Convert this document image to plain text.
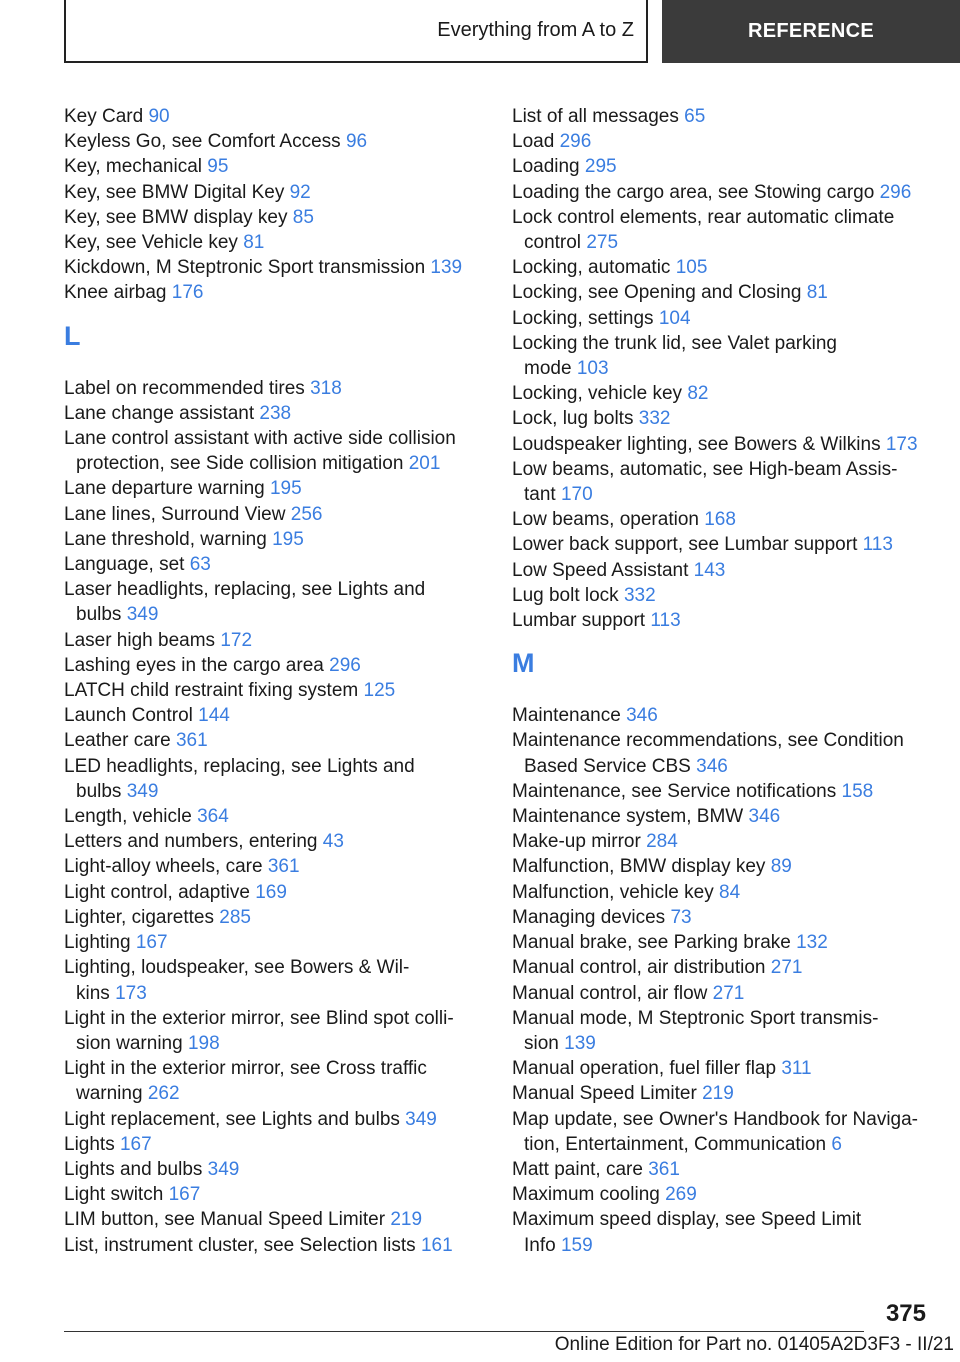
Everything from A to Z	REFERENCE
Key Card 90
Keyless Go, see Comfort Access 96
Key, mechanical 95
Key, see BMW Digital Key 92
Key, see BMW display key 85
Key, see Vehicle key 81
Kickdown, M Steptronic Sport transmission 139
Knee airbag 176
L
Label on recommended tires 318
Lane change assistant 238
Lane control assistant with active side collision
protection, see Side collision mitigation 201
Lane departure warning 195
Lane lines, Surround View 256
Lane threshold, warning 195
Language, set 63
Laser headlights, replacing, see Lights and
bulbs 349
Laser high beams 172
Lashing eyes in the cargo area 296
LATCH child restraint fixing system 125
Launch Control 144
Leather care 361
LED headlights, replacing, see Lights and
bulbs 349
Length, vehicle 364
Letters and numbers, entering 43
Light-alloy wheels, care 361
Light control, adaptive 169
Lighter, cigarettes 285
Lighting 167
Lighting, loudspeaker, see Bowers & Wil-
kins 173
Light in the exterior mirror, see Blind spot colli-
sion warning 198
Light in the exterior mirror, see Cross traffic
warning 262
Light replacement, see Lights and bulbs 349
Lights 167
Lights and bulbs 349
Light switch 167
LIM button, see Manual Speed Limiter 219
List, instrument cluster, see Selection lists 161
List of all messages 65
Load 296
Loading 295
Loading the cargo area, see Stowing cargo 296
Lock control elements, rear automatic climate
control 275
Locking, automatic 105
Locking, see Opening and Closing 81
Locking, settings 104
Locking the trunk lid, see Valet parking
mode 103
Locking, vehicle key 82
Lock, lug bolts 332
Loudspeaker lighting, see Bowers & Wilkins 173
Low beams, automatic, see High-beam Assis-
tant 170
Low beams, operation 168
Lower back support, see Lumbar support 113
Low Speed Assistant 143
Lug bolt lock 332
Lumbar support 113
M
Maintenance 346
Maintenance recommendations, see Condition
Based Service CBS 346
Maintenance, see Service notifications 158
Maintenance system, BMW 346
Make-up mirror 284
Malfunction, BMW display key 89
Malfunction, vehicle key 84
Managing devices 73
Manual brake, see Parking brake 132
Manual control, air distribution 271
Manual control, air flow 271
Manual mode, M Steptronic Sport transmis-
sion 139
Manual operation, fuel filler flap 311
Manual Speed Limiter 219
Map update, see Owner's Handbook for Naviga-
tion, Entertainment, Communication 6
Matt paint, care 361
Maximum cooling 269
Maximum speed display, see Speed Limit
Info 159
375
Online Edition for Part no. 01405A2D3F3 - II/21
